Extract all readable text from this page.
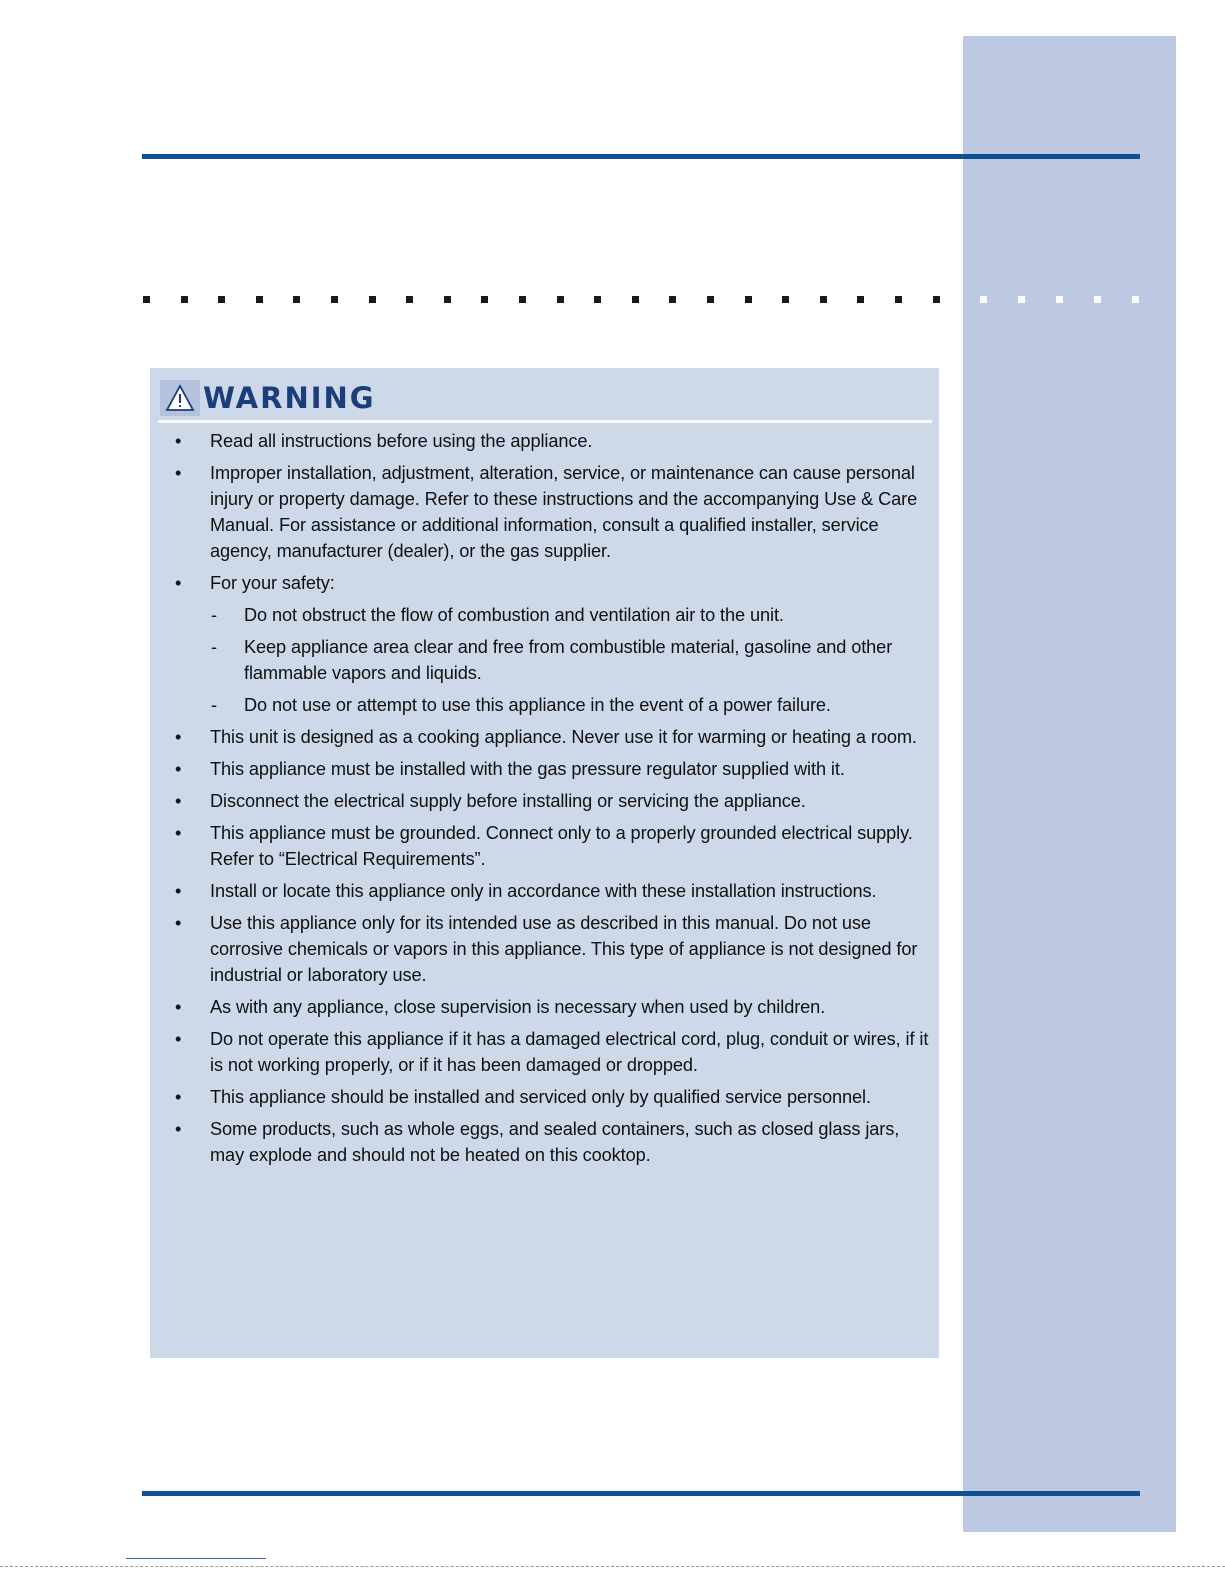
WARNING
• Read all instructions before using the appliance.
• Improper installation, adjustment, alteration, service, or maintenance can cause personal injury or property damage. Refer to these instructions and the accompanying Use & Care Manual. For assistance or additional information, consult a qualified installer, service agency, manufacturer (dealer), or the gas supplier.
• For your safety:
- Do not obstruct the flow of combustion and ventilation air to the unit.
- Keep appliance area clear and free from combustible material, gasoline and other flammable vapors and liquids.
- Do not use or attempt to use this appliance in the event of a power failure.
• This unit is designed as a cooking appliance. Never use it for warming or heating a room.
• This appliance must be installed with the gas pressure regulator supplied with it.
• Disconnect the electrical supply before installing or servicing the appliance.
• This appliance must be grounded. Connect only to a properly grounded electrical supply. Refer to “Electrical Requirements”.
• Install or locate this appliance only in accordance with these installation instructions.
• Use this appliance only for its intended use as described in this manual. Do not use corrosive chemicals or vapors in this appliance. This type of appliance is not designed for industrial or laboratory use.
• As with any appliance, close supervision is necessary when used by children.
• Do not operate this appliance if it has a damaged electrical cord, plug, conduit or wires, if it is not working properly, or if it has been damaged or dropped.
• This appliance should be installed and serviced only by qualified service personnel.
• Some products, such as whole eggs, and sealed containers, such as closed glass jars, may explode and should not be heated on this cooktop.
